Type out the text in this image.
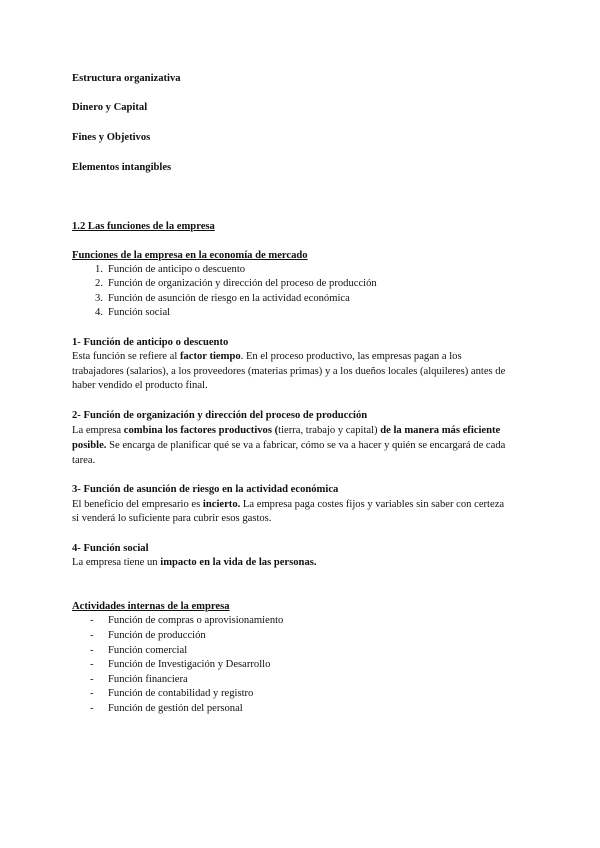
Estructura organizativa
Dinero y Capital
Fines y Objetivos
Elementos intangibles
1.2 Las funciones de la empresa
Funciones de la empresa en la economía de mercado
1. Función de anticipo o descuento
2. Función de organización y dirección del proceso de producción
3. Función de asunción de riesgo en la actividad económica
4. Función social
1- Función de anticipo o descuento
Esta función se refiere al factor tiempo. En el proceso productivo, las empresas pagan a los
trabajadores (salarios), a los proveedores (materias primas) y a los dueños locales (alquileres) antes de
haber vendido el producto final.
2- Función de organización y dirección del proceso de producción
La empresa combina los factores productivos (tierra, trabajo y capital) de la manera más eficiente
posible. Se encarga de planificar qué se va a fabricar, cómo se va a hacer y quién se encargará de cada
tarea.
3- Función de asunción de riesgo en la actividad económica
El beneficio del empresario es incierto. La empresa paga costes fijos y variables sin saber con certeza
si venderá lo suficiente para cubrir esos gastos.
4- Función social
La empresa tiene un impacto en la vida de las personas.
Actividades internas de la empresa
- Función de compras o aprovisionamiento
- Función de producción
- Función comercial
- Función de Investigación y Desarrollo
- Función financiera
- Función de contabilidad y registro
- Función de gestión del personal
